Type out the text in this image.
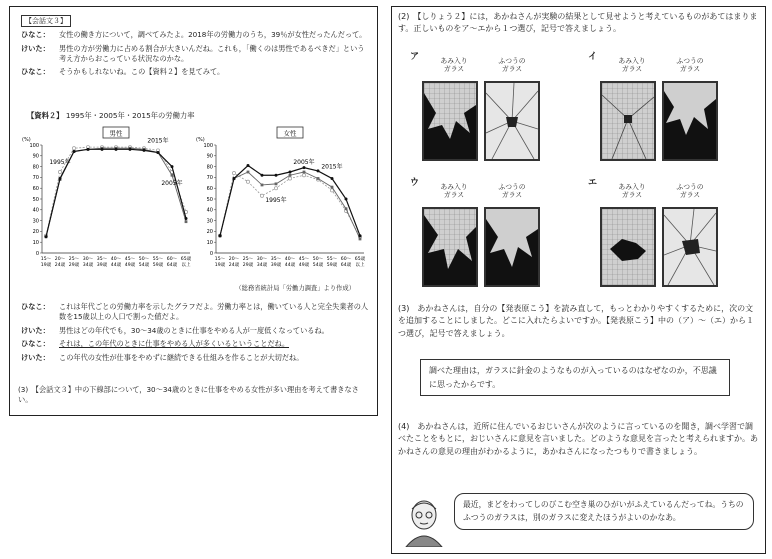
【会話文３】
ひなこ：	女性の働き方について，調べてみたよ。2018年の労働力のうち，39％が女性だったんだって。
けいた：	男性の方が労働力に占める割合が大きいんだね。これも，「働くのは男性であるべきだ」という考え方からおこっている状況なのかな。
ひなこ：	そうかもしれないね。この【資料２】を見てみて。
【資料２】 1995年・2005年・2015年の労働力率
男性
(%)
0
10
20
30
40
50
60
70
80
90
100
15～
19歳
20～
24歳
25～
29歳
30～
34歳
35～
39歳
40～
44歳
45～
49歳
50～
54歳
55～
59歳
60～
64歳
65歳
以上
1995年
2005年
2015年
女性
(%)
0
10
20
30
40
50
60
70
80
90
100
15～
19歳
20～
24歳
25～
29歳
30～
34歳
35～
39歳
40～
44歳
45～
49歳
50～
54歳
55～
59歳
60～
64歳
65歳
以上
1995年
2005年
2015年
（総務省統計局「労働力調査」より作成）
ひなこ：	これは年代ごとの労働力率を示したグラフだよ。労働力率とは，働いている人と完全失業者の人数を15歳以上の人口で割った値だよ。
けいた：	男性はどの年代でも，30～34歳のときに仕事をやめる人が一度低くなっているね。
ひなこ：	それは，この年代のときに仕事をやめる人が多くいるということだね。
けいた：	この年代の女性が仕事をやめずに継続できる仕組みを作ることが大切だね。
(3)　【会話文３】中の下線部について，30～34歳のときに仕事をやめる女性が多い理由を考えて書きなさい。
(2)　【しりょう２】には，あかねさんが実験の結果として見せようと考えているものがあてはまります。正しいものをア～エから１つ選び，記号で答えましょう。
ア	あみ入り
ガラス
ふつうの
ガラス
イ	あみ入り
ガラス
ふつうの
ガラス
ウ	あみ入り
ガラス
ふつうの
ガラス
エ	あみ入り
ガラス
ふつうの
ガラス
(3)　あかねさんは，自分の【発表原こう】を読み直して，もっとわかりやすくするために，次の文を追加することにしました。どこに入れたらよいですか。【発表原こう】中の（ア）～（エ）から１つ選び，記号で答えましょう。
調べた理由は，ガラスに針金のようなものが入っているのはなぜなのか，不思議に思ったからです。
(4)　あかねさんは，近所に住んでいるおじいさんが次のように言っているのを聞き，調べ学習で調べたことをもとに，おじいさんに意見を言いました。どのような意見を言ったと考えられますか。あかねさんの意見の理由がわかるように，あかねさんになったつもりで書きましょう。
最近，まどをわってしのびこむ空き巣のひがいがふえているんだってね。うちのふつうのガラスは，別のガラスに変えたほうがよいのかなあ。
